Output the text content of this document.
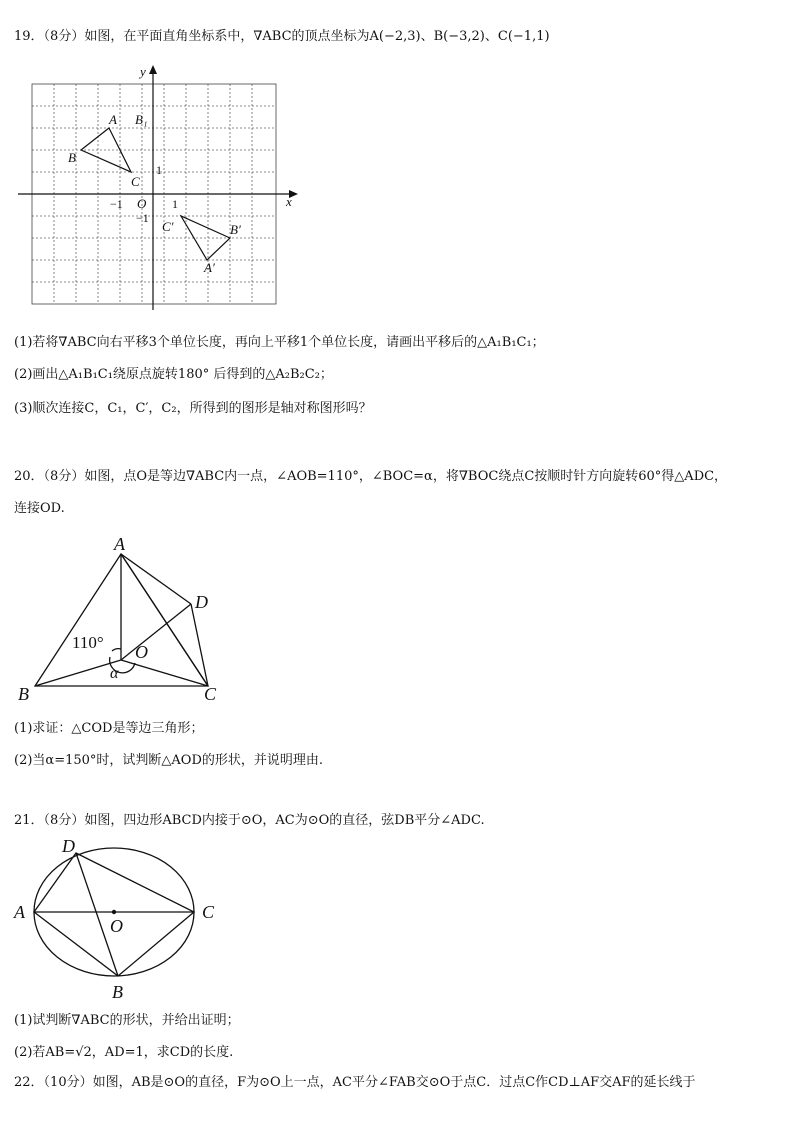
19．（8分）如图，在平面直角坐标系中，∇ABC的顶点坐标为A(−2,3)、B(−3,2)、C(−1,1)
x
y
O
−1	1
1
−1
A
B
C
B₁
C′	B′
A′
(1)若将∇ABC向右平移3个单位长度，再向上平移1个单位长度，请画出平移后的△A₁B₁C₁；
(2)画出△A₁B₁C₁绕原点旋转180° 后得到的△A₂B₂C₂；
(3)顺次连接C，C₁，C′，C₂，所得到的图形是轴对称图形吗？
20．（8分）如图，点O是等边∇ABC内一点，∠AOB=110°，∠BOC=α，将∇BOC绕点C按顺时针方向旋转60°得△ADC，
连接OD.
A
B	C
D
O
110°
α
(1)求证：△COD是等边三角形；
(2)当α=150°时，试判断△AOD的形状，并说明理由.
21．（8分）如图，四边形ABCD内接于⊙O，AC为⊙O的直径，弦DB平分∠ADC.
A
B
C
D
O
(1)试判断∇ABC的形状，并给出证明；
(2)若AB=√2，AD=1，求CD的长度.
22．（10分）如图，AB是⊙O的直径，F为⊙O上一点，AC平分∠FAB交⊙O于点C．过点C作CD⊥AF交AF的延长线于
